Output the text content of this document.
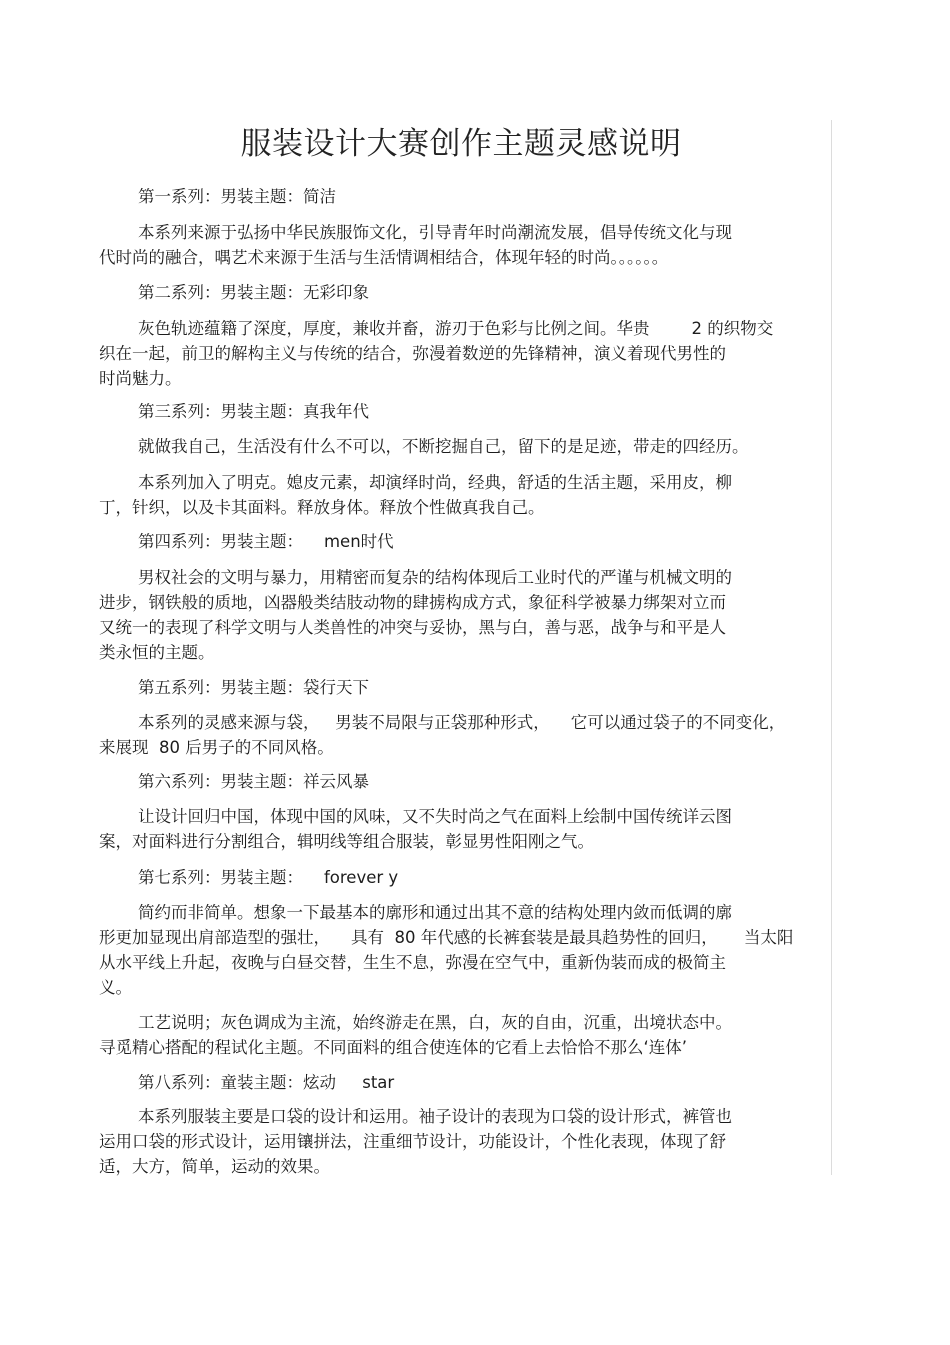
服装设计大赛创作主题灵感说明
第一系列：男装主题：简洁
本系列来源于弘扬中华民族服饰文化，引导青年时尚潮流发展，倡导传统文化与现
代时尚的融合，喁艺术来源于生活与生活情调相结合，体现年轻的时尚。。。。。。
第二系列：男装主题：无彩印象
灰色轨迹蕴籍了深度，厚度，兼收并畜，游刃于色彩与比例之间。华贵        2 的织物交
织在一起，前卫的解构主义与传统的结合，弥漫着数逆的先锋精神，演义着现代男性的
时尚魅力。
第三系列：男装主题：真我年代
就做我自己，生活没有什么不可以，不断挖掘自己，留下的是足迹，带走的四经历。
本系列加入了明克。媳皮元素，却演绎时尚，经典，舒适的生活主题，采用皮，柳
丁，针织，以及卡其面料。释放身体。释放个性做真我自己。
第四系列：男装主题：    men时代
男权社会的文明与暴力，用精密而复杂的结构体现后工业时代的严谨与机械文明的
进步，钢铁般的质地，凶器般类结肢动物的肆掳构成方式，象征科学被暴力绑架对立而
又统一的表现了科学文明与人类兽性的冲突与妥协，黑与白，善与恶，战争与和平是人
类永恒的主题。
第五系列：男装主题：袋行天下
本系列的灵感来源与袋，   男装不局限与正袋那种形式，    它可以通过袋子的不同变化，
来展现  80 后男子的不同风格。
第六系列：男装主题：祥云风暴
让设计回归中国，体现中国的风味，又不失时尚之气在面料上绘制中国传统详云图
案，对面料进行分割组合，辑明线等组合服装，彰显男性阳刚之气。
第七系列：男装主题：    forever y
简约而非简单。想象一下最基本的廓形和通过出其不意的结构处理内敛而低调的廓
形更加显现出肩部造型的强壮，    具有  80 年代感的长裤套装是最具趋势性的回归，     当太阳
从水平线上升起，夜晚与白昼交替，生生不息，弥漫在空气中，重新伪装而成的极简主
义。
工艺说明；灰色调成为主流，始终游走在黑，白，灰的自由，沉重，出境状态中。
寻觅精心搭配的程试化主题。不同面料的组合使连体的它看上去恰恰不那么‘连体’
第八系列：童装主题：炫动     star
本系列服装主要是口袋的设计和运用。袖子设计的表现为口袋的设计形式，裤管也
运用口袋的形式设计，运用镶拼法，注重细节设计，功能设计，个性化表现，体现了舒
适，大方，简单，运动的效果。
